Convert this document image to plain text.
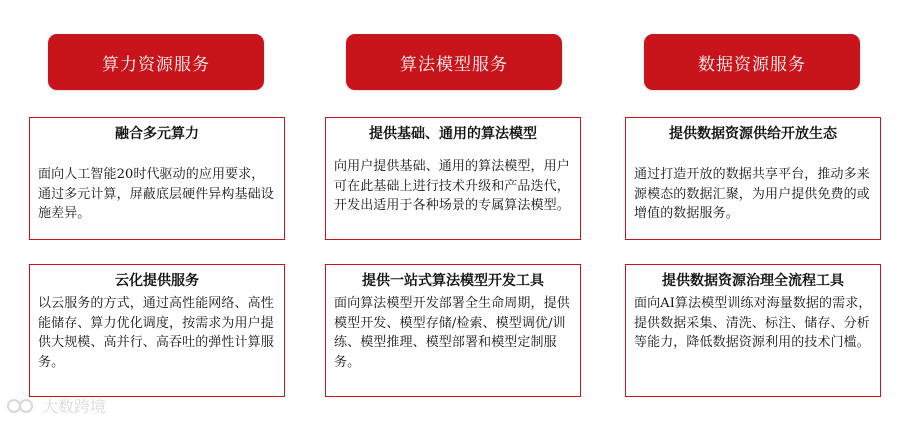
算力资源服务
融合多元算力
面向人工智能20时代驱动的应用要求，通过多元计算，屏蔽底层硬件异构基础设施差异。
云化提供服务
以云服务的方式，通过高性能网络、高性能储存、算力优化调度，按需求为用户提供大规模、高并行、高吞吐的弹性计算服务。
算法模型服务
提供基础、通用的算法模型
向用户提供基础、通用的算法模型，用户可在此基础上进行技术升级和产品迭代，开发出适用于各种场景的专属算法模型。
提供一站式算法模型开发工具
面向算法模型开发部署全生命周期，提供模型开发、模型存储/检索、模型调优/训练、模型推理、模型部署和模型定制服务。
数据资源服务
提供数据资源供给开放生态
通过打造开放的数据共享平台，推动多来源模态的数据汇聚，为用户提供免费的或增值的数据服务。
提供数据资源治理全流程工具
面向AI算法模型训练对海量数据的需求，提供数据采集、清洗、标注、储存、分析等能力，降低数据资源利用的技术门槛。
大数跨境
